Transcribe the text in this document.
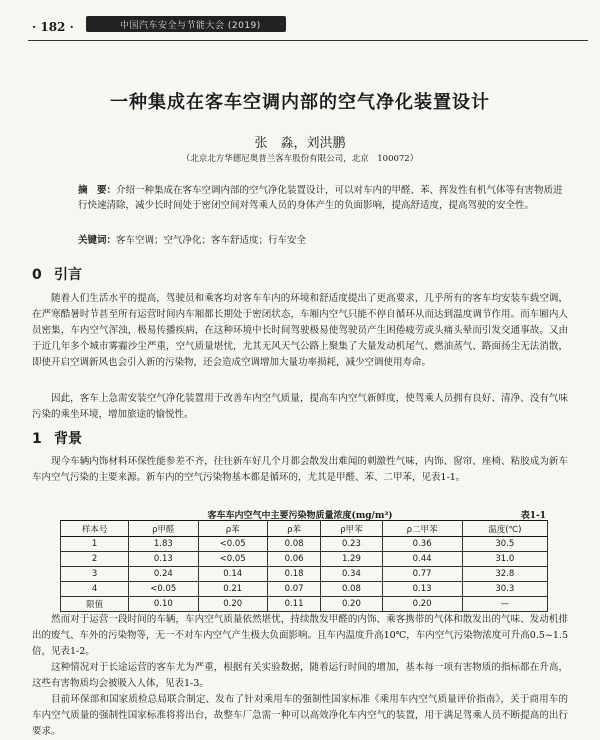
· 182 ·	中国汽车安全与节能大会 (2019)
一种集成在客车空调内部的空气净化装置设计
张　淼，刘洪鹏
（北京北方华德尼奥普兰客车股份有限公司，北京　100072）
摘　要：介绍一种集成在客车空调内部的空气净化装置设计，可以对车内的甲醛、苯、挥发性有机气体等有害物质进行快速清除，减少长时间处于密闭空间对驾乘人员的身体产生的负面影响，提高舒适度，提高驾驶的安全性。
关键词：客车空调；空气净化；客车舒适度；行车安全
0 引言
随着人们生活水平的提高，驾驶员和乘客均对客车车内的环境和舒适度提出了更高要求，几乎所有的客车均安装车载空调，在严寒酷暑时节甚至所有运营时间内车厢都长期处于密闭状态，车厢内空气只能不停自循环从而达到温度调节作用。而车厢内人员密集，车内空气浑浊，极易传播疾病，在这种环境中长时间驾驶极易使驾驶员产生困倦疲劳或头痛头晕而引发交通事故。又由于近几年多个城市雾霾沙尘严重，空气质量堪忧，尤其无风天气公路上聚集了大量发动机尾气、燃油蒸气、路面扬尘无法消散，即使开启空调新风也会引入新的污染物，还会造成空调增加大量功率损耗，减少空调使用寿命。
因此，客车上急需安装空气净化装置用于改善车内空气质量，提高车内空气新鲜度，使驾乘人员拥有良好、清净、没有气味污染的乘坐环境，增加旅途的愉悦性。
1 背景
现今车辆内饰材料环保性能参差不齐，往往新车好几个月都会散发出难闻的刺激性气味，内饰、窗帘、座椅、粘胶成为新车车内空气污染的主要来源。新车内的空气污染物基本都是循环的，尤其是甲醛、苯、二甲苯，见表1-1。
客车车内空气中主要污染物质量浓度(mg/m³)	表1-1
样本号	ρ甲醛	ρ苯	ρ苯	ρ甲苯	ρ二甲苯	温度(℃)
1	1.83	<0.05	0.08	0.23	0.36	30.5
2	0.13	<0.05	0.06	1.29	0.44	31.0
3	0.24	0.14	0.18	0.34	0.77	32.8
4	<0.05	0.21	0.07	0.08	0.13	30.3
限值	0.10	0.20	0.11	0.20	0.20	—
然而对于运营一段时间的车辆，车内空气质量依然堪忧，持续散发甲醛的内饰、乘客携带的气体和散发出的气味、发动机排出的废气、车外的污染物等，无一不对车内空气产生极大负面影响。且车内温度升高10℃，车内空气污染物浓度可升高0.5~1.5倍，见表1-2。
这种情况对于长途运营的客车尤为严重，根据有关实验数据，随着运行时间的增加，基本每一项有害物质的指标都在升高，这些有害物质均会被吸入人体，见表1-3。
目前环保部和国家质检总局联合制定、发布了针对乘用车的强制性国家标准《乘用车内空气质量评价指南》，关于商用车的车内空气质量的强制性国家标准将将出台，故整车厂急需一种可以高效净化车内空气的装置，用于满足驾乘人员不断提高的出行要求。
